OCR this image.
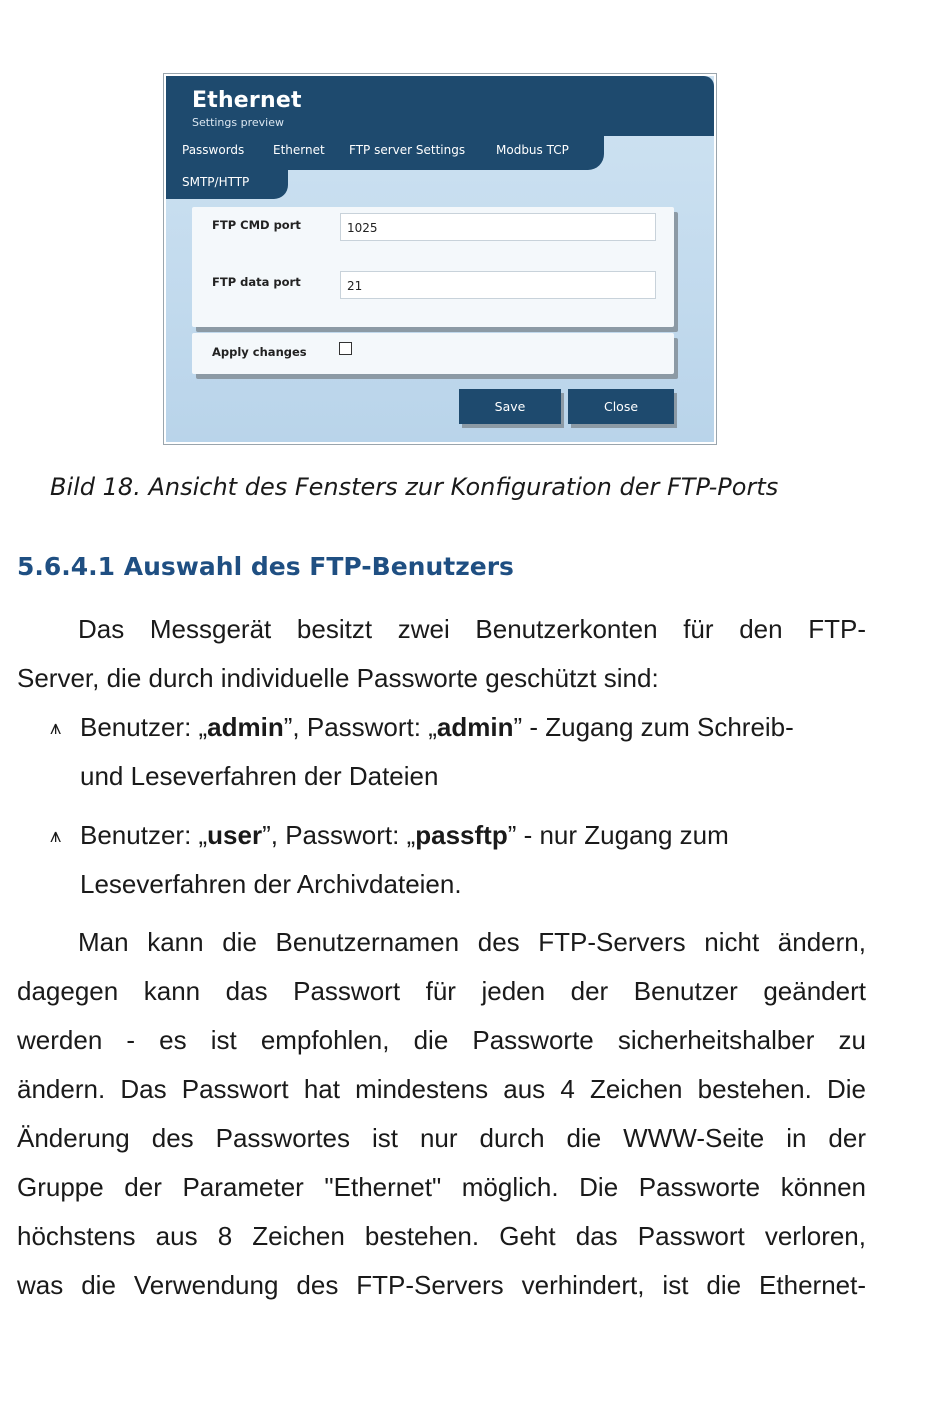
Ethernet
Settings preview
Passwords Ethernet FTP server Settings	Modbus TCP
SMTP/HTTP
FTP CMD port	1025
FTP data port	21
Apply changes
Save	Close
Bild 18. Ansicht des Fensters zur Konfiguration der FTP-Ports
5.6.4.1 Auswahl des FTP-Benutzers
Das Messgerät besitzt zwei Benutzerkonten für den FTP-
Server, die durch individuelle Passworte geschützt sind:
⩚ Benutzer: „admin”, Passwort: „admin” - Zugang zum Schreib-
und Leseverfahren der Dateien
⩚ Benutzer: „user”, Passwort: „passftp” - nur Zugang zum
Leseverfahren der Archivdateien.
Man kann die Benutzernamen des FTP-Servers nicht ändern,
dagegen kann das Passwort für jeden der Benutzer geändert
werden - es ist empfohlen, die Passworte sicherheitshalber zu
ändern. Das Passwort hat mindestens aus 4 Zeichen bestehen. Die
Änderung des Passwortes ist nur durch die WWW-Seite in der
Gruppe der Parameter "Ethernet" möglich. Die Passworte können
höchstens aus 8 Zeichen bestehen. Geht das Passwort verloren,
was die Verwendung des FTP-Servers verhindert, ist die Ethernet-
